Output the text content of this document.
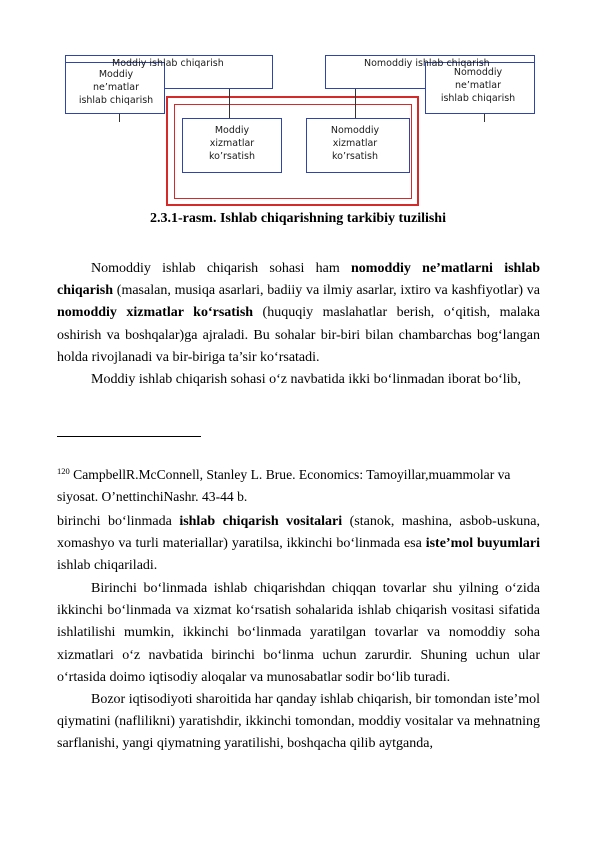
Moddiy ishlab chiqarish	Nomoddiy ishlab chiqarish
Moddiy
ne’matlar
ishlab chiqarish
Nomoddiy
ne’matlar
ishlab chiqarish
Moddiy
xizmatlar
ko’rsatish
Nomoddiy
xizmatlar
ko’rsatish
2.3.1-rasm. Ishlab chiqarishning tarkibiy tuzilishi

Nomoddiy ishlab chiqarish sohasi ham nomoddiy ne’matlarni ishlab chiqarish (masalan, musiqa asarlari, badiiy va ilmiy asarlar, ixtiro va kashfiyotlar) va nomoddiy xizmatlar ko‘rsatish (huquqiy maslahatlar berish, o‘qitish, malaka oshirish va boshqalar)ga ajraladi. Bu sohalar bir-biri bilan chambarchas bog‘langan holda rivojlanadi va bir-biriga ta’sir ko‘rsatadi.

Moddiy ishlab chiqarish sohasi o‘z navbatida ikki bo‘linmadan iborat bo‘lib,

$^{120}$ CampbellR.McConnell, Stanley L. Brue. Economics: Tamoyillar,muammolar va siyosat. O’nettinchiNashr. 43-44 b.

birinchi bo‘linmada ishlab chiqarish vositalari (stanok, mashina, asbob-uskuna, xomashyo va turli materiallar) yaratilsa, ikkinchi bo‘linmada esa iste’mol buyumlari ishlab chiqariladi.

Birinchi bo‘linmada ishlab chiqarishdan chiqqan tovarlar shu yilning o‘zida ikkinchi bo‘linmada va xizmat ko‘rsatish sohalarida ishlab chiqarish vositasi sifatida ishlatilishi mumkin, ikkinchi bo‘linmada yaratilgan tovarlar va nomoddiy soha xizmatlari o‘z navbatida birinchi bo‘linma uchun zarurdir. Shuning uchun ular o‘rtasida doimo iqtisodiy aloqalar va munosabatlar sodir bo‘lib turadi.

Bozor iqtisodiyoti sharoitida har qanday ishlab chiqarish, bir tomondan iste’mol qiymatini (naflilikni) yaratishdir, ikkinchi tomondan, moddiy vositalar va mehnatning sarflanishi, yangi qiymatning yaratilishi, boshqacha qilib aytganda,
